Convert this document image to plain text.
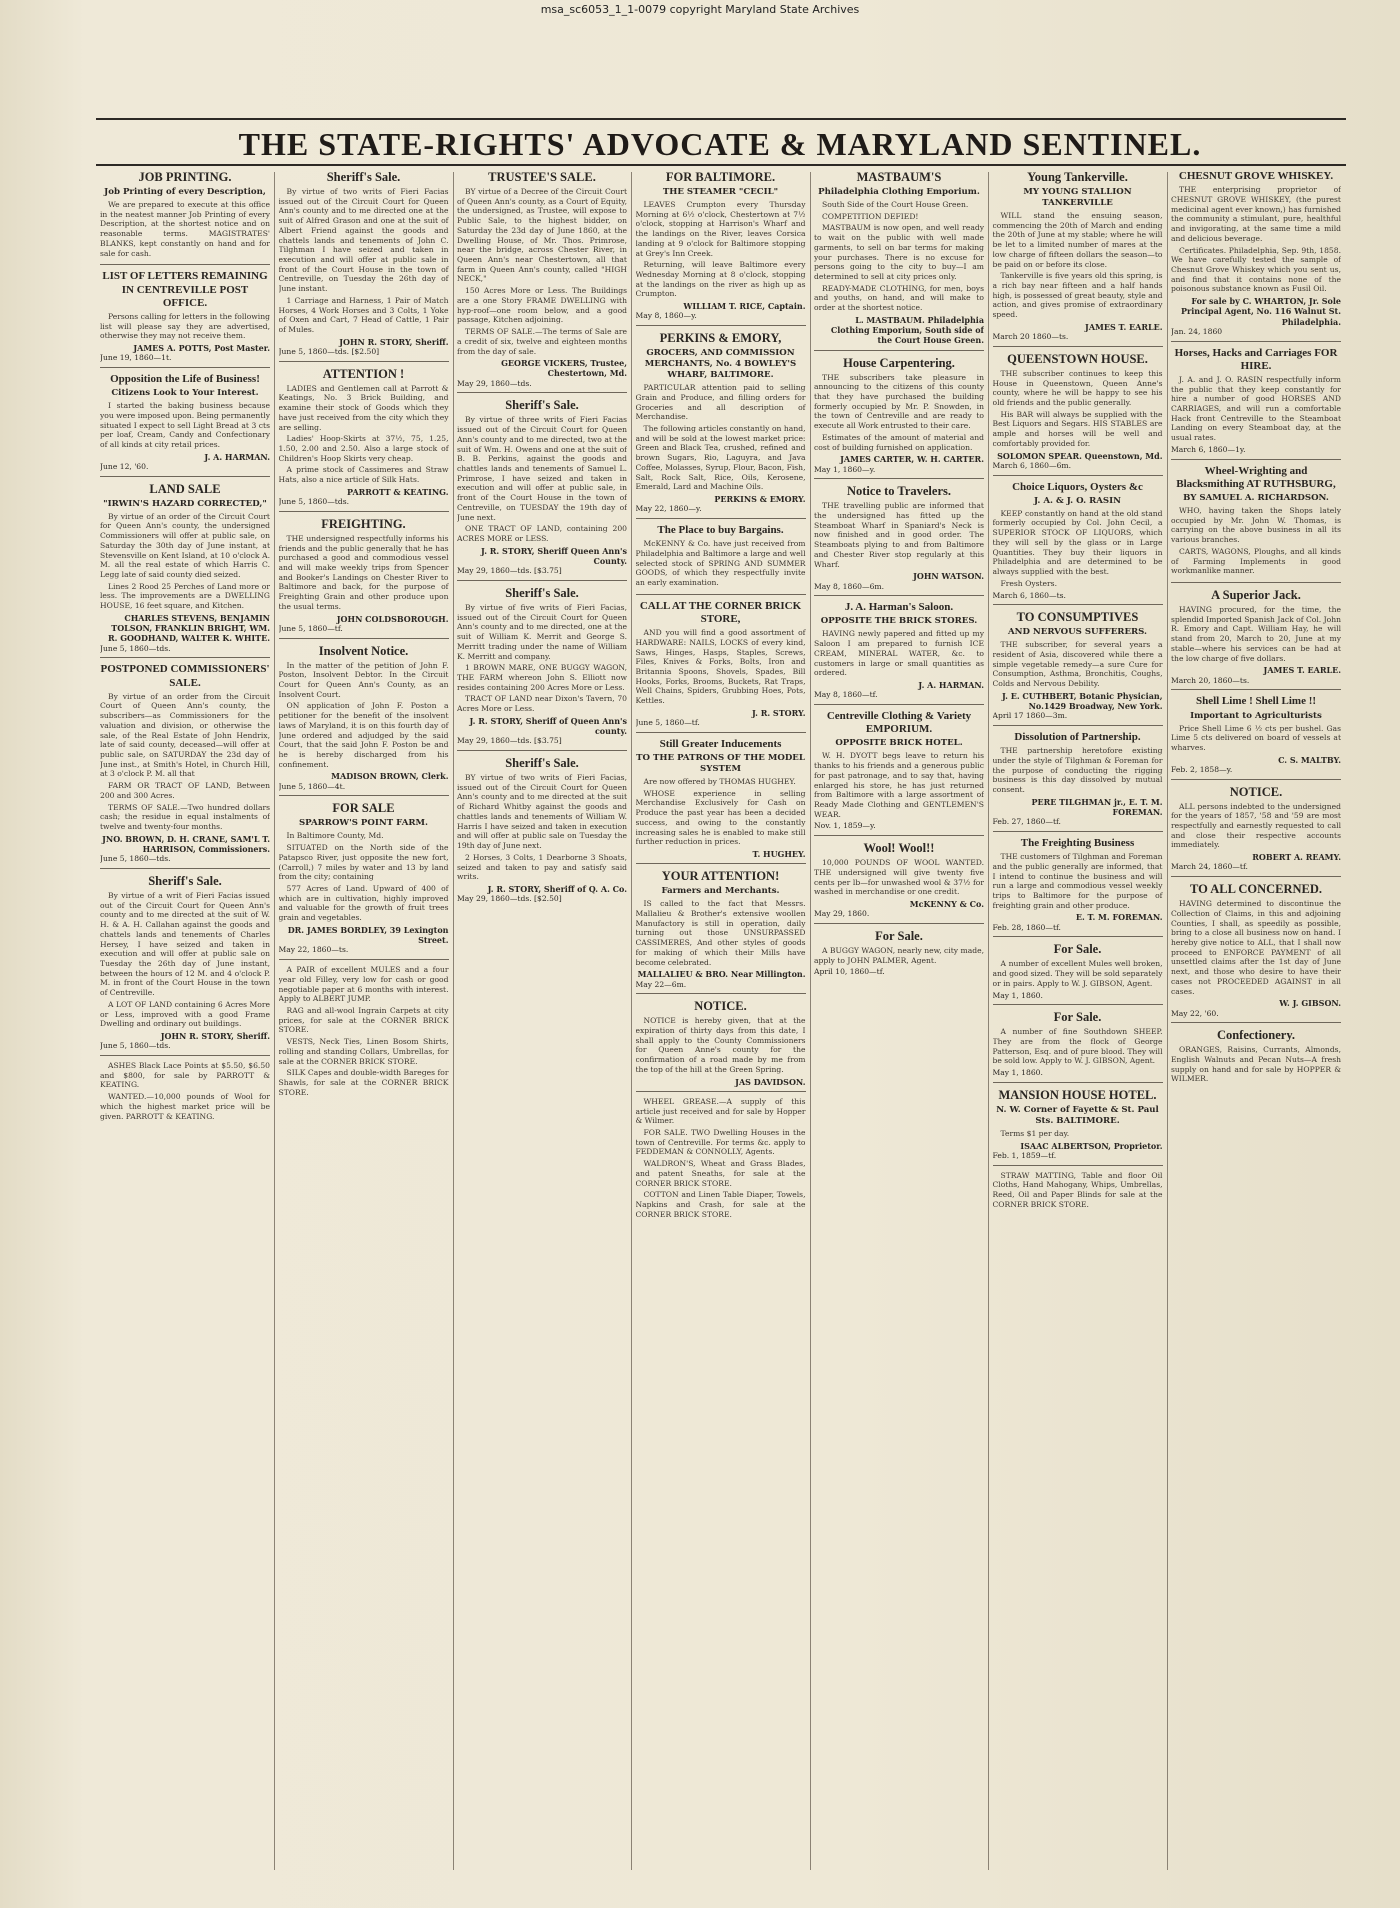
msa_sc6053_1_1-0079 copyright Maryland State Archives
THE STATE-RIGHTS' ADVOCATE & MARYLAND SENTINEL.
JOB PRINTING.
Job Printing of every Description,

We are prepared to execute at this office in the neatest manner Job Printing of every Description, at the shortest notice and on reasonable terms. MAGISTRATES' BLANKS, kept constantly on hand and for sale for cash.

LIST OF LETTERS REMAINING IN CENTREVILLE POST OFFICE.

Persons calling for letters in the following list will please say they are advertised, otherwise they may not receive them.

JAMES A. POTTS, Post Master.
June 19, 1860—1t.
Opposition the Life of Business!
Citizens Look to Your Interest.

I started the baking business because you were imposed upon. Being permanently situated I expect to sell Light Bread at 3 cts per loaf, Cream, Candy and Confectionary of all kinds at city retail prices.

J. A. HARMAN.
June 12, '60.
LAND SALE
"IRWIN'S HAZARD CORRECTED,"

By virtue of an order of the Circuit Court for Queen Ann's county, the undersigned Commissioners will offer at public sale, on Saturday the 30th day of June instant, at Stevensville on Kent Island, at 10 o'clock A. M. all the real estate of which Harris C. Legg late of said county died seized.

Lines 2 Rood 25 Perches of Land more or less. The improvements are a DWELLING HOUSE, 16 feet square, and Kitchen.

CHARLES STEVENS, BENJAMIN TOLSON, FRANKLIN BRIGHT, WM. R. GOODHAND, WALTER K. WHITE.
June 5, 1860—tds.
POSTPONED COMMISSIONERS' SALE.

By virtue of an order from the Circuit Court of Queen Ann's county, the subscribers—as Commissioners for the valuation and division, or otherwise the sale, of the Real Estate of John Hendrix, late of said county, deceased—will offer at public sale, on SATURDAY the 23d day of June inst., at Smith's Hotel, in Church Hill, at 3 o'clock P. M. all that

FARM OR TRACT OF LAND, Between 200 and 300 Acres.

TERMS OF SALE.—Two hundred dollars cash; the residue in equal instalments of twelve and twenty-four months.

JNO. BROWN, D. H. CRANE, SAM'L T. HARRISON, Commissioners.
June 5, 1860—tds.
Sheriff's Sale.

By virtue of a writ of Fieri Facias issued out of the Circuit Court for Queen Ann's county and to me directed at the suit of W. H. & A. H. Callahan against the goods and chattels lands and tenements of Charles Hersey, I have seized and taken in execution and will offer at public sale on Tuesday the 26th day of June instant, between the hours of 12 M. and 4 o'clock P. M. in front of the Court House in the town of Centreville.

A LOT OF LAND containing 6 Acres More or Less, improved with a good Frame Dwelling and ordinary out buildings.

JOHN R. STORY, Sheriff.
June 5, 1860—tds.

ASHES Black Lace Points at $5.50, $6.50 and $800, for sale by PARROTT & KEATING.

WANTED.—10,000 pounds of Wool for which the highest market price will be given. PARROTT & KEATING.

Sheriff's Sale.

By virtue of two writs of Fieri Facias issued out of the Circuit Court for Queen Ann's county and to me directed one at the suit of Alfred Grason and one at the suit of Albert Friend against the goods and chattels lands and tenements of John C. Tilghman I have seized and taken in execution and will offer at public sale in front of the Court House in the town of Centreville, on Tuesday the 26th day of June instant.

1 Carriage and Harness, 1 Pair of Match Horses, 4 Work Horses and 3 Colts, 1 Yoke of Oxen and Cart, 7 Head of Cattle, 1 Pair of Mules.

JOHN R. STORY, Sheriff.
June 5, 1860—tds. [$2.50]
ATTENTION !

LADIES and Gentlemen call at Parrott & Keatings, No. 3 Brick Building, and examine their stock of Goods which they have just received from the city which they are selling.

Ladies' Hoop-Skirts at 37½, 75, 1.25, 1.50, 2.00 and 2.50. Also a large stock of Children's Hoop Skirts very cheap.

A prime stock of Cassimeres and Straw Hats, also a nice article of Silk Hats.

PARROTT & KEATING.
June 5, 1860—tds.
FREIGHTING.

THE undersigned respectfully informs his friends and the public generally that he has purchased a good and commodious vessel and will make weekly trips from Spencer and Booker's Landings on Chester River to Baltimore and back, for the purpose of Freighting Grain and other produce upon the usual terms.

JOHN COLDSBOROUGH.
June 5, 1860—tf.
Insolvent Notice.

In the matter of the petition of John F. Poston, Insolvent Debtor. In the Circuit Court for Queen Ann's County, as an Insolvent Court.

ON application of John F. Poston a petitioner for the benefit of the insolvent laws of Maryland, it is on this fourth day of June ordered and adjudged by the said Court, that the said John F. Poston be and he is hereby discharged from his confinement.

MADISON BROWN, Clerk.
June 5, 1860—4t.
FOR SALE
SPARROW'S POINT FARM.

In Baltimore County, Md.

SITUATED on the North side of the Patapsco River, just opposite the new fort, (Carroll,) 7 miles by water and 13 by land from the city; containing

577 Acres of Land. Upward of 400 of which are in cultivation, highly improved and valuable for the growth of fruit trees grain and vegetables.

DR. JAMES BORDLEY, 39 Lexington Street.
May 22, 1860—ts.

A PAIR of excellent MULES and a four year old Filley, very low for cash or good negotiable paper at 6 months with interest. Apply to ALBERT JUMP.

RAG and all-wool Ingrain Carpets at city prices, for sale at the CORNER BRICK STORE.

VESTS, Neck Ties, Linen Bosom Shirts, rolling and standing Collars, Umbrellas, for sale at the CORNER BRICK STORE.

SILK Capes and double-width Bareges for Shawls, for sale at the CORNER BRICK STORE.

TRUSTEE'S SALE.

BY virtue of a Decree of the Circuit Court of Queen Ann's county, as a Court of Equity, the undersigned, as Trustee, will expose to Public Sale, to the highest bidder, on Saturday the 23d day of June 1860, at the Dwelling House, of Mr. Thos. Primrose, near the bridge, across Chester River, in Queen Ann's near Chestertown, all that farm in Queen Ann's county, called "HIGH NECK,"

150 Acres More or Less. The Buildings are a one Story FRAME DWELLING with hyp-roof—one room below, and a good passage, Kitchen adjoining.

TERMS OF SALE.—The terms of Sale are a credit of six, twelve and eighteen months from the day of sale.

GEORGE VICKERS, Trustee, Chestertown, Md.
May 29, 1860—tds.
Sheriff's Sale.

By virtue of three writs of Fieri Facias issued out of the Circuit Court for Queen Ann's county and to me directed, two at the suit of Wm. H. Owens and one at the suit of B. B. Perkins, against the goods and chattles lands and tenements of Samuel L. Primrose, I have seized and taken in execution and will offer at public sale, in front of the Court House in the town of Centreville, on TUESDAY the 19th day of June next.

ONE TRACT OF LAND, containing 200 ACRES MORE or LESS.

J. R. STORY, Sheriff Queen Ann's County.
May 29, 1860—tds. [$3.75]
Sheriff's Sale.

By virtue of five writs of Fieri Facias, issued out of the Circuit Court for Queen Ann's county and to me directed, one at the suit of William K. Merrit and George S. Merritt trading under the name of William K. Merritt and company.

1 BROWN MARE, ONE BUGGY WAGON, THE FARM whereon John S. Elliott now resides containing 200 Acres More or Less.

TRACT OF LAND near Dixon's Tavern, 70 Acres More or Less.

J. R. STORY, Sheriff of Queen Ann's county.
May 29, 1860—tds. [$3.75]
Sheriff's Sale.

BY virtue of two writs of Fieri Facias, issued out of the Circuit Court for Queen Ann's county and to me directed at the suit of Richard Whitby against the goods and chattles lands and tenements of William W. Harris I have seized and taken in execution and will offer at public sale on Tuesday the 19th day of June next.

2 Horses, 3 Colts, 1 Dearborne 3 Shoats, seized and taken to pay and satisfy said writs.

J. R. STORY, Sheriff of Q. A. Co.
May 29, 1860—tds. [$2.50]
FOR BALTIMORE.
THE STEAMER "CECIL"

LEAVES Crumpton every Thursday Morning at 6½ o'clock, Chestertown at 7½ o'clock, stopping at Harrison's Wharf and the landings on the River, leaves Corsica landing at 9 o'clock for Baltimore stopping at Grey's Inn Creek.

Returning, will leave Baltimore every Wednesday Morning at 8 o'clock, stopping at the landings on the river as high up as Crumpton.

WILLIAM T. RICE, Captain.
May 8, 1860—y.
PERKINS & EMORY,
GROCERS, AND COMMISSION MERCHANTS, No. 4 BOWLEY'S WHARF, BALTIMORE.

PARTICULAR attention paid to selling Grain and Produce, and filling orders for Groceries and all description of Merchandise.

The following articles constantly on hand, and will be sold at the lowest market price: Green and Black Tea, crushed, refined and brown Sugars, Rio, Laguyra, and Java Coffee, Molasses, Syrup, Flour, Bacon, Fish, Salt, Rock Salt, Rice, Oils, Kerosene, Emerald, Lard and Machine Oils.

PERKINS & EMORY.
May 22, 1860—y.
The Place to buy Bargains.

McKENNY & Co. have just received from Philadelphia and Baltimore a large and well selected stock of SPRING AND SUMMER GOODS, of which they respectfully invite an early examination.

CALL AT THE CORNER BRICK STORE,

AND you will find a good assortment of HARDWARE: NAILS, LOCKS of every kind, Saws, Hinges, Hasps, Staples, Screws, Files, Knives & Forks, Bolts, Iron and Britannia Spoons, Shovels, Spades, Bill Hooks, Forks, Brooms, Buckets, Rat Traps, Well Chains, Spiders, Grubbing Hoes, Pots, Kettles.

J. R. STORY.
June 5, 1860—tf.
Still Greater Inducements
TO THE PATRONS OF THE MODEL SYSTEM

Are now offered by THOMAS HUGHEY.

WHOSE experience in selling Merchandise Exclusively for Cash on Produce the past year has been a decided success, and owing to the constantly increasing sales he is enabled to make still further reduction in prices.

T. HUGHEY.
YOUR ATTENTION!
Farmers and Merchants.

IS called to the fact that Messrs. Mallalieu & Brother's extensive woollen Manufactory is still in operation, daily turning out those UNSURPASSED CASSIMERES, And other styles of goods for making of which their Mills have become celebrated.

MALLALIEU & BRO. Near Millington.
May 22—6m.
NOTICE.

NOTICE is hereby given, that at the expiration of thirty days from this date, I shall apply to the County Commissioners for Queen Anne's county for the confirmation of a road made by me from the top of the hill at the Green Spring.

JAS DAVIDSON.

WHEEL GREASE.—A supply of this article just received and for sale by Hopper & Wilmer.

FOR SALE. TWO Dwelling Houses in the town of Centreville. For terms &c. apply to FEDDEMAN & CONNOLLY, Agents.

WALDRON'S, Wheat and Grass Blades, and patent Sneaths, for sale at the CORNER BRICK STORE.

COTTON and Linen Table Diaper, Towels, Napkins and Crash, for sale at the CORNER BRICK STORE.

MASTBAUM'S
Philadelphia Clothing Emporium.

South Side of the Court House Green.

COMPETITION DEFIED!

MASTBAUM is now open, and well ready to wait on the public with well made garments, to sell on bar terms for making your purchases. There is no excuse for persons going to the city to buy—I am determined to sell at city prices only.

READY-MADE CLOTHING, for men, boys and youths, on hand, and will make to order at the shortest notice.

L. MASTBAUM. Philadelphia Clothing Emporium, South side of the Court House Green.
House Carpentering.

THE subscribers take pleasure in announcing to the citizens of this county that they have purchased the building formerly occupied by Mr. P. Snowden, in the town of Centreville and are ready to execute all Work entrusted to their care.

Estimates of the amount of material and cost of building furnished on application.

JAMES CARTER, W. H. CARTER.
May 1, 1860—y.
Notice to Travelers.

THE travelling public are informed that the undersigned has fitted up the Steamboat Wharf in Spaniard's Neck is now finished and in good order. The Steamboats plying to and from Baltimore and Chester River stop regularly at this Wharf.

JOHN WATSON.
May 8, 1860—6m.
J. A. Harman's Saloon.
OPPOSITE THE BRICK STORES.

HAVING newly papered and fitted up my Saloon I am prepared to furnish ICE CREAM, MINERAL WATER, &c. to customers in large or small quantities as ordered.

J. A. HARMAN.
May 8, 1860—tf.
Centreville Clothing & Variety EMPORIUM.
OPPOSITE BRICK HOTEL.

W. H. DYOTT begs leave to return his thanks to his friends and a generous public for past patronage, and to say that, having enlarged his store, he has just returned from Baltimore with a large assortment of Ready Made Clothing and GENTLEMEN'S WEAR.

Nov. 1, 1859—y.
Wool! Wool!!

10,000 POUNDS OF WOOL WANTED. THE undersigned will give twenty five cents per lb—for unwashed wool & 37½ for washed in merchandise or one credit.

McKENNY & Co.
May 29, 1860.
For Sale.

A BUGGY WAGON, nearly new, city made, apply to JOHN PALMER, Agent.

April 10, 1860—tf.
Young Tankerville.
MY YOUNG STALLION TANKERVILLE

WILL stand the ensuing season, commencing the 20th of March and ending the 20th of June at my stable; where he will be let to a limited number of mares at the low charge of fifteen dollars the season—to be paid on or before its close.

Tankerville is five years old this spring, is a rich bay near fifteen and a half hands high, is possessed of great beauty, style and action, and gives promise of extraordinary speed.

JAMES T. EARLE.
March 20 1860—ts.
QUEENSTOWN HOUSE.

THE subscriber continues to keep this House in Queenstown, Queen Anne's county, where he will be happy to see his old friends and the public generally.

His BAR will always be supplied with the Best Liquors and Segars. HIS STABLES are ample and horses will be well and comfortably provided for.

SOLOMON SPEAR. Queenstown, Md.
March 6, 1860—6m.
Choice Liquors, Oysters &c
J. A. & J. O. RASIN

KEEP constantly on hand at the old stand formerly occupied by Col. John Cecil, a SUPERIOR STOCK OF LIQUORS, which they will sell by the glass or in Large Quantities. They buy their liquors in Philadelphia and are determined to be always supplied with the best.

Fresh Oysters.

March 6, 1860—ts.
TO CONSUMPTIVES
AND NERVOUS SUFFERERS.

THE subscriber, for several years a resident of Asia, discovered while there a simple vegetable remedy—a sure Cure for Consumption, Asthma, Bronchitis, Coughs, Colds and Nervous Debility.

J. E. CUTHBERT, Botanic Physician, No.1429 Broadway, New York.
April 17 1860—3m.
Dissolution of Partnership.

THE partnership heretofore existing under the style of Tilghman & Foreman for the purpose of conducting the rigging business is this day dissolved by mutual consent.

PERE TILGHMAN jr., E. T. M. FOREMAN.
Feb. 27, 1860—tf.
The Freighting Business

THE customers of Tilghman and Foreman and the public generally are informed, that I intend to continue the business and will run a large and commodious vessel weekly trips to Baltimore for the purpose of freighting grain and other produce.

E. T. M. FOREMAN.
Feb. 28, 1860—tf.
For Sale.

A number of excellent Mules well broken, and good sized. They will be sold separately or in pairs. Apply to W. J. GIBSON, Agent.

May 1, 1860.
For Sale.

A number of fine Southdown SHEEP. They are from the flock of George Patterson, Esq. and of pure blood. They will be sold low. Apply to W. J. GIBSON, Agent.

May 1, 1860.
MANSION HOUSE HOTEL.
N. W. Corner of Fayette & St. Paul Sts. BALTIMORE.

Terms $1 per day.

ISAAC ALBERTSON, Proprietor.
Feb. 1, 1859—tf.

STRAW MATTING, Table and floor Oil Cloths, Hand Mahogany, Whips, Umbrellas, Reed, Oil and Paper Blinds for sale at the CORNER BRICK STORE.

CHESNUT GROVE WHISKEY.

THE enterprising proprietor of CHESNUT GROVE WHISKEY, (the purest medicinal agent ever known,) has furnished the community a stimulant, pure, healthful and invigorating, at the same time a mild and delicious beverage.

Certificates. Philadelphia, Sep. 9th, 1858. We have carefully tested the sample of Chesnut Grove Whiskey which you sent us, and find that it contains none of the poisonous substance known as Fusil Oil.

For sale by C. WHARTON, Jr. Sole Principal Agent, No. 116 Walnut St. Philadelphia.
Jan. 24, 1860
Horses, Hacks and Carriages FOR HIRE.

J. A. and J. O. RASIN respectfully inform the public that they keep constantly for hire a number of good HORSES AND CARRIAGES, and will run a comfortable Hack front Centreville to the Steamboat Landing on every Steamboat day, at the usual rates.

March 6, 1860—1y.
Wheel-Wrighting and Blacksmithing AT RUTHSBURG,
BY SAMUEL A. RICHARDSON.

WHO, having taken the Shops lately occupied by Mr. John W. Thomas, is carrying on the above business in all its various branches.

CARTS, WAGONS, Ploughs, and all kinds of Farming Implements in good workmanlike manner.

A Superior Jack.

HAVING procured, for the time, the splendid Imported Spanish Jack of Col. John R. Emory and Capt. William Hay, he will stand from 20, March to 20, June at my stable—where his services can be had at the low charge of five dollars.

JAMES T. EARLE.
March 20, 1860—ts.
Shell Lime ! Shell Lime !!
Important to Agriculturists

Price Shell Lime 6 ½ cts per bushel. Gas Lime 5 cts delivered on board of vessels at wharves.

C. S. MALTBY.
Feb. 2, 1858—y.
NOTICE.

ALL persons indebted to the undersigned for the years of 1857, '58 and '59 are most respectfully and earnestly requested to call and close their respective accounts immediately.

ROBERT A. REAMY.
March 24, 1860—tf.
TO ALL CONCERNED.

HAVING determined to discontinue the Collection of Claims, in this and adjoining Counties, I shall, as speedily as possible, bring to a close all business now on hand. I hereby give notice to ALL, that I shall now proceed to ENFORCE PAYMENT of all unsettled claims after the 1st day of June next, and those who desire to have their cases not PROCEEDED AGAINST in all cases.

W. J. GIBSON.
May 22, '60.
Confectionery.

ORANGES, Raisins, Currants, Almonds, English Walnuts and Pecan Nuts—A fresh supply on hand and for sale by HOPPER & WILMER.
